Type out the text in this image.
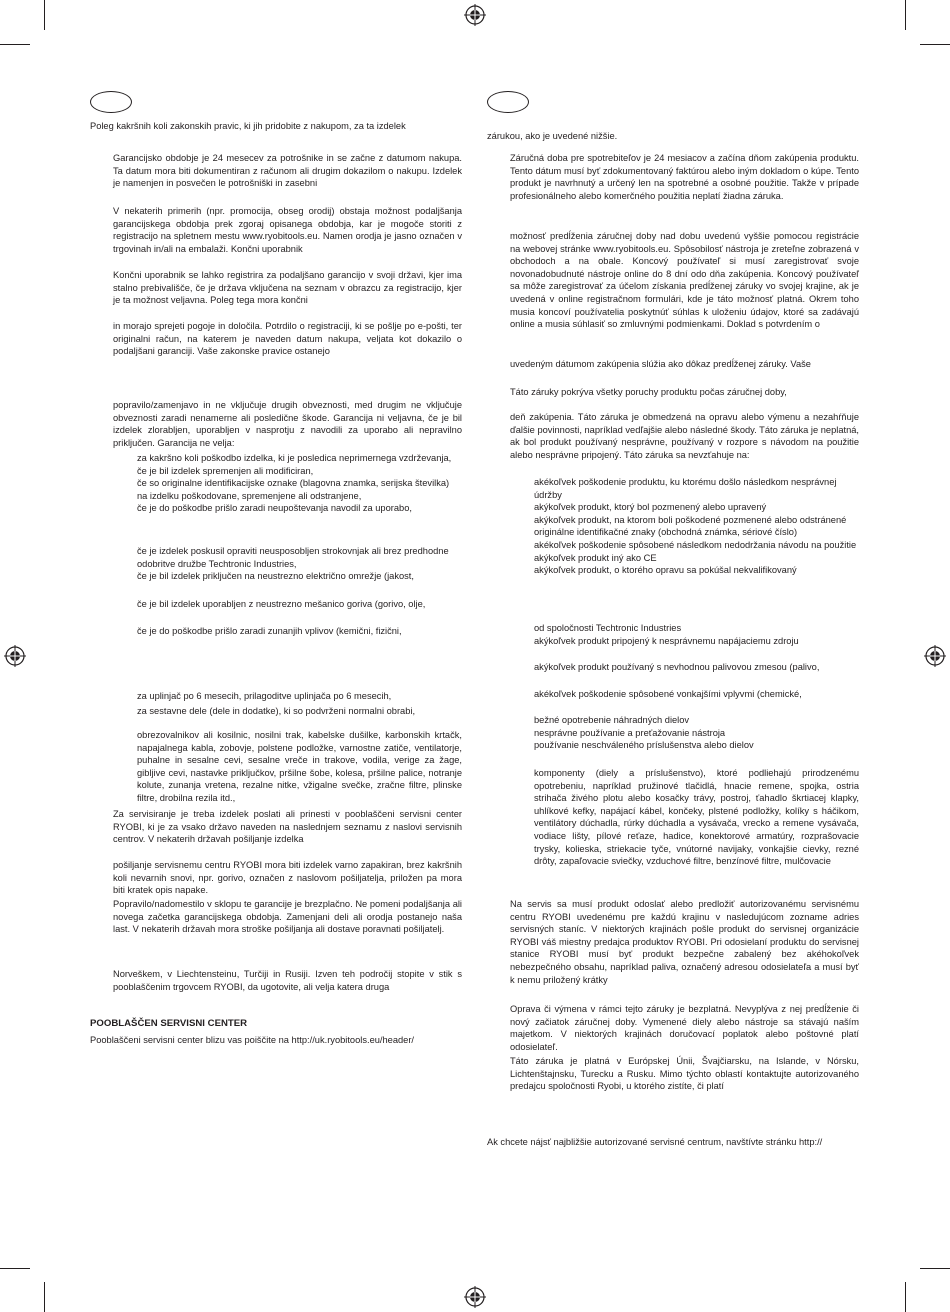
Poleg kakršnih koli zakonskih pravic, ki jih pridobite z nakupom, za ta izdelek

Garancijsko obdobje je 24 mesecev za potrošnike in se začne z datumom nakupa. Ta datum mora biti dokumentiran z računom ali drugim dokazilom o nakupu. Izdelek je namenjen in posvečen le potrošniški in zasebni

V nekaterih primerih (npr. promocija, obseg orodij) obstaja možnost podaljšanja garancijskega obdobja prek zgoraj opisanega obdobja, kar je mogoče storiti z registracijo na spletnem mestu www.ryobitools.eu. Namen orodja je jasno označen v trgovinah in/ali na embalaži. Končni uporabnik

Končni uporabnik se lahko registrira za podaljšano garancijo v svoji državi, kjer ima stalno prebivališče, če je država vključena na seznam v obrazcu za registracijo, kjer je ta možnost veljavna. Poleg tega mora končni

in morajo sprejeti pogoje in določila. Potrdilo o registraciji, ki se pošlje po e-pošti, ter originalni račun, na katerem je naveden datum nakupa, veljata kot dokazilo o podaljšani garanciji. Vaše zakonske pravice ostanejo

popravilo/zamenjavo in ne vključuje drugih obveznosti, med drugim ne vključuje obveznosti zaradi nenamerne ali posledične škode. Garancija ni veljavna, če je bil izdelek zlorabljen, uporabljen v nasprotju z navodili za uporabo ali nepravilno priključen. Garancija ne velja:

za kakršno koli poškodbo izdelka, ki je posledica neprimernega vzdrževanja,
če je bil izdelek spremenjen ali modificiran,
če so originalne identifikacijske oznake (blagovna znamka, serijska številka) na izdelku poškodovane, spremenjene ali odstranjene,
če je do poškodbe prišlo zaradi neupoštevanja navodil za uporabo,

če je izdelek poskusil opraviti neusposobljen strokovnjak ali brez predhodne odobritve družbe Techtronic Industries,
če je bil izdelek priključen na neustrezno električno omrežje (jakost,

če je bil izdelek uporabljen z neustrezno mešanico goriva (gorivo, olje,

če je do poškodbe prišlo zaradi zunanjih vplivov (kemični, fizični,

za uplinjač po 6 mesecih, prilagoditve uplinjača po 6 mesecih,

za sestavne dele (dele in dodatke), ki so podvrženi normalni obrabi,

obrezovalnikov ali kosilnic, nosilni trak, kabelske dušilke, karbonskih krtačk, napajalnega kabla, zobovje, polstene podložke, varnostne zatiče, ventilatorje, puhalne in sesalne cevi, sesalne vreče in trakove, vodila, verige za žage, gibljive cevi, nastavke priključkov, pršilne šobe, kolesa, pršilne palice, notranje kolute, zunanja vretena, rezalne nitke, vžigalne svečke, zračne filtre, plinske filtre, drobilna rezila itd.,

Za servisiranje je treba izdelek poslati ali prinesti v pooblaščeni servisni center RYOBI, ki je za vsako državo naveden na naslednjem seznamu z naslovi servisnih centrov. V nekaterih državah pošiljanje izdelka

pošiljanje servisnemu centru RYOBI mora biti izdelek varno zapakiran, brez kakršnih koli nevarnih snovi, npr. gorivo, označen z naslovom pošiljatelja, priložen pa mora biti kratek opis napake.

Popravilo/nadomestilo v sklopu te garancije je brezplačno. Ne pomeni podaljšanja ali novega začetka garancijskega obdobja. Zamenjani deli ali orodja postanejo naša last. V nekaterih državah mora stroške pošiljanja ali dostave poravnati pošiljatelj.

Norveškem, v Liechtensteinu, Turčiji in Rusiji. Izven teh področij stopite v stik s pooblaščenim trgovcem RYOBI, da ugotovite, ali velja katera druga

POOBLAŠČEN SERVISNI CENTER

Pooblaščeni servisni center blizu vas poiščite na http://uk.ryobitools.eu/header/

zárukou, ako je uvedené nižšie.

Záručná doba pre spotrebiteľov je 24 mesiacov a začína dňom zakúpenia produktu. Tento dátum musí byť zdokumentovaný faktúrou alebo iným dokladom o kúpe. Tento produkt je navrhnutý a určený len na spotrebné a osobné použitie. Takže v prípade profesionálneho alebo komerčného použitia neplatí žiadna záruka.

možnosť predĺženia záručnej doby nad dobu uvedenú vyššie pomocou registrácie na webovej stránke www.ryobitools.eu. Spôsobilosť nástroja je zreteľne zobrazená v obchodoch a na obale. Koncový používateľ si musí zaregistrovať svoje novonadobudnuté nástroje online do 8 dní odo dňa zakúpenia. Koncový používateľ sa môže zaregistrovať za účelom získania predĺženej záruky vo svojej krajine, ak je uvedená v online registračnom formulári, kde je táto možnosť platná. Okrem toho musia koncoví používatelia poskytnúť súhlas k uloženiu údajov, ktoré sa zadávajú online a musia súhlasiť so zmluvnými podmienkami. Doklad s potvrdením o

uvedeným dátumom zakúpenia slúžia ako dôkaz predĺženej záruky. Vaše

Táto záruky pokrýva všetky poruchy produktu počas záručnej doby,

deň zakúpenia. Táto záruka je obmedzená na opravu alebo výmenu a nezahŕňuje ďalšie povinnosti, napríklad vedľajšie alebo následné škody. Táto záruka je neplatná, ak bol produkt používaný nesprávne, používaný v rozpore s návodom na použitie alebo nesprávne pripojený. Táto záruka sa nevzťahuje na:

akékoľvek poškodenie produktu, ku ktorému došlo následkom nesprávnej údržby
akýkoľvek produkt, ktorý bol pozmenený alebo upravený
akýkoľvek produkt, na ktorom boli poškodené pozmenené alebo odstránené originálne identifikačné znaky (obchodná známka, sériové číslo)
akékoľvek poškodenie spôsobené následkom nedodržania návodu na použitie
akýkoľvek produkt iný ako CE
akýkoľvek produkt, o ktorého opravu sa pokúšal nekvalifikovaný

od spoločnosti Techtronic Industries
akýkoľvek produkt pripojený k nesprávnemu napájaciemu zdroju

akýkoľvek produkt používaný s nevhodnou palivovou zmesou (palivo,

akékoľvek poškodenie spôsobené vonkajšími vplyvmi (chemické,

bežné opotrebenie náhradných dielov
nesprávne používanie a preťažovanie nástroja
používanie neschváleného príslušenstva alebo dielov

komponenty (diely a príslušenstvo), ktoré podliehajú prirodzenému opotrebeniu, napríklad pružinové tlačidlá, hnacie remene, spojka, ostria strihača živého plotu alebo kosačky trávy, postroj, ťahadlo škrtiacej klapky, uhlíkové kefky, napájací kábel, končeky, plstené podložky, kolíky s háčikom, ventilátory dúchadla, rúrky dúchadla a vysávača, vrecko a remene vysávača, vodiace lišty, pílové reťaze, hadice, konektorové armatúry, rozprašovacie trysky, kolieska, striekacie tyče, vnútorné navijaky, vonkajšie cievky, rezné drôty, zapaľovacie sviečky, vzduchové filtre, benzínové filtre, mulčovacie

Na servis sa musí produkt odoslať alebo predložiť autorizovanému servisnému centru RYOBI uvedenému pre každú krajinu v nasledujúcom zozname adries servisných staníc. V niektorých krajinách pošle produkt do servisnej organizácie RYOBI váš miestny predajca produktov RYOBI. Pri odosielaní produktu do servisnej stanice RYOBI musí byť produkt bezpečne zabalený bez akéhokoľvek nebezpečného obsahu, napríklad paliva, označený adresou odosielateľa a musí byť k nemu priložený krátky

Oprava či výmena v rámci tejto záruky je bezplatná. Nevyplýva z nej predĺženie či nový začiatok záručnej doby. Vymenené diely alebo nástroje sa stávajú naším majetkom. V niektorých krajinách doručovací poplatok alebo poštovné platí odosielateľ.

Táto záruka je platná v Európskej Únii, Švajčiarsku, na Islande, v Nórsku, Lichtenštajnsku, Turecku a Rusku. Mimo týchto oblastí kontaktujte autorizovaného predajcu spoločnosti Ryobi, u ktorého zistíte, či platí

Ak chcete nájsť najbližšie autorizované servisné centrum, navštívte stránku http://
